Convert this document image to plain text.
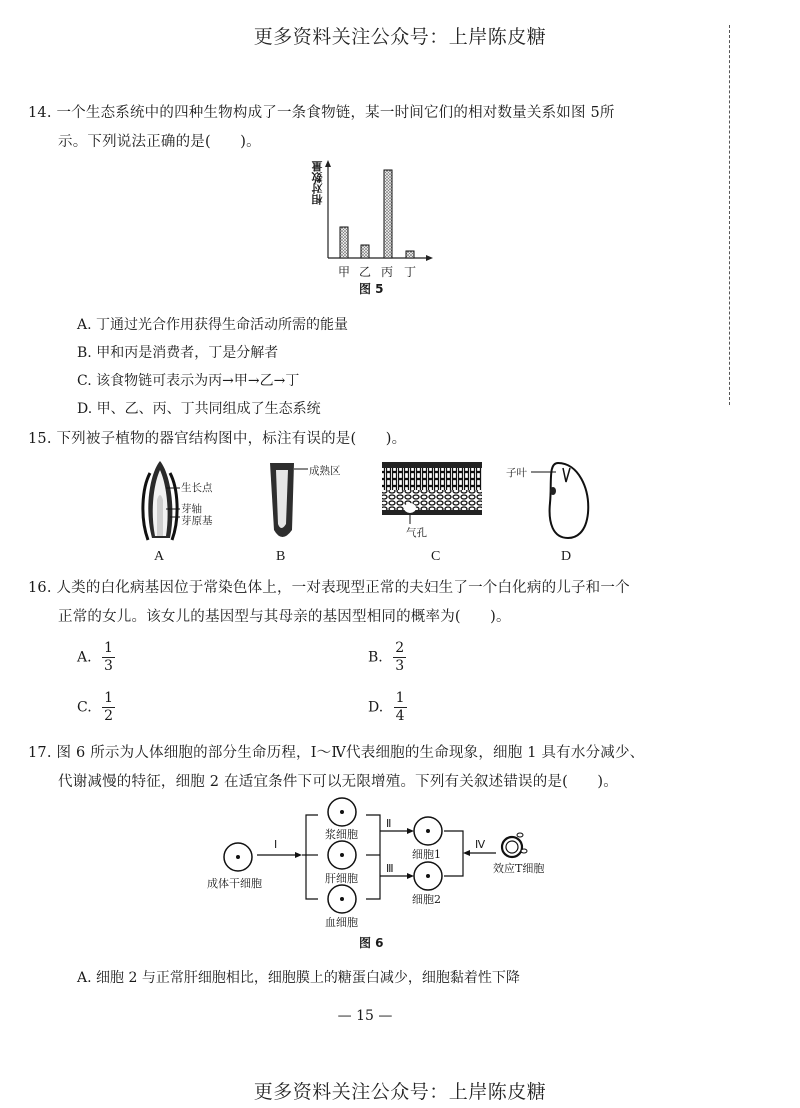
更多资料关注公众号：上岸陈皮糖
14. 一个生态系统中的四种生物构成了一条食物链，某一时间它们的相对数量关系如图 5所
示。下列说法正确的是(　　)。
相对数量
甲 乙 丙 丁
图 5
A. 丁通过光合作用获得生命活动所需的能量
B. 甲和丙是消费者，丁是分解者
C. 该食物链可表示为丙→甲→乙→丁
D. 甲、乙、丙、丁共同组成了生态系统
15. 下列被子植物的器官结构图中，标注有误的是(　　)。
生长点
芽轴
芽原基
A
成熟区
B
气孔
C
子叶
D
16. 人类的白化病基因位于常染色体上，一对表现型正常的夫妇生了一个白化病的儿子和一个
正常的女儿。该女儿的基因型与其母亲的基因型相同的概率为(　　)。
A. $\frac{1}{3}$	B. $\frac{2}{3}$
C. $\frac{1}{2}$	D. $\frac{1}{4}$
17. 图 6 所示为人体细胞的部分生命历程，Ⅰ～Ⅳ代表细胞的生命现象，细胞 1 具有水分减少、
代谢减慢的特征，细胞 2 在适宜条件下可以无限增殖。下列有关叙述错误的是(　　)。
成体干细胞
Ⅰ
浆细胞
肝细胞
血细胞
Ⅱ
Ⅲ
细胞1
细胞2
Ⅳ
效应T细胞
图 6
A. 细胞 2 与正常肝细胞相比，细胞膜上的糖蛋白减少，细胞黏着性下降
— 15 —
更多资料关注公众号：上岸陈皮糖
